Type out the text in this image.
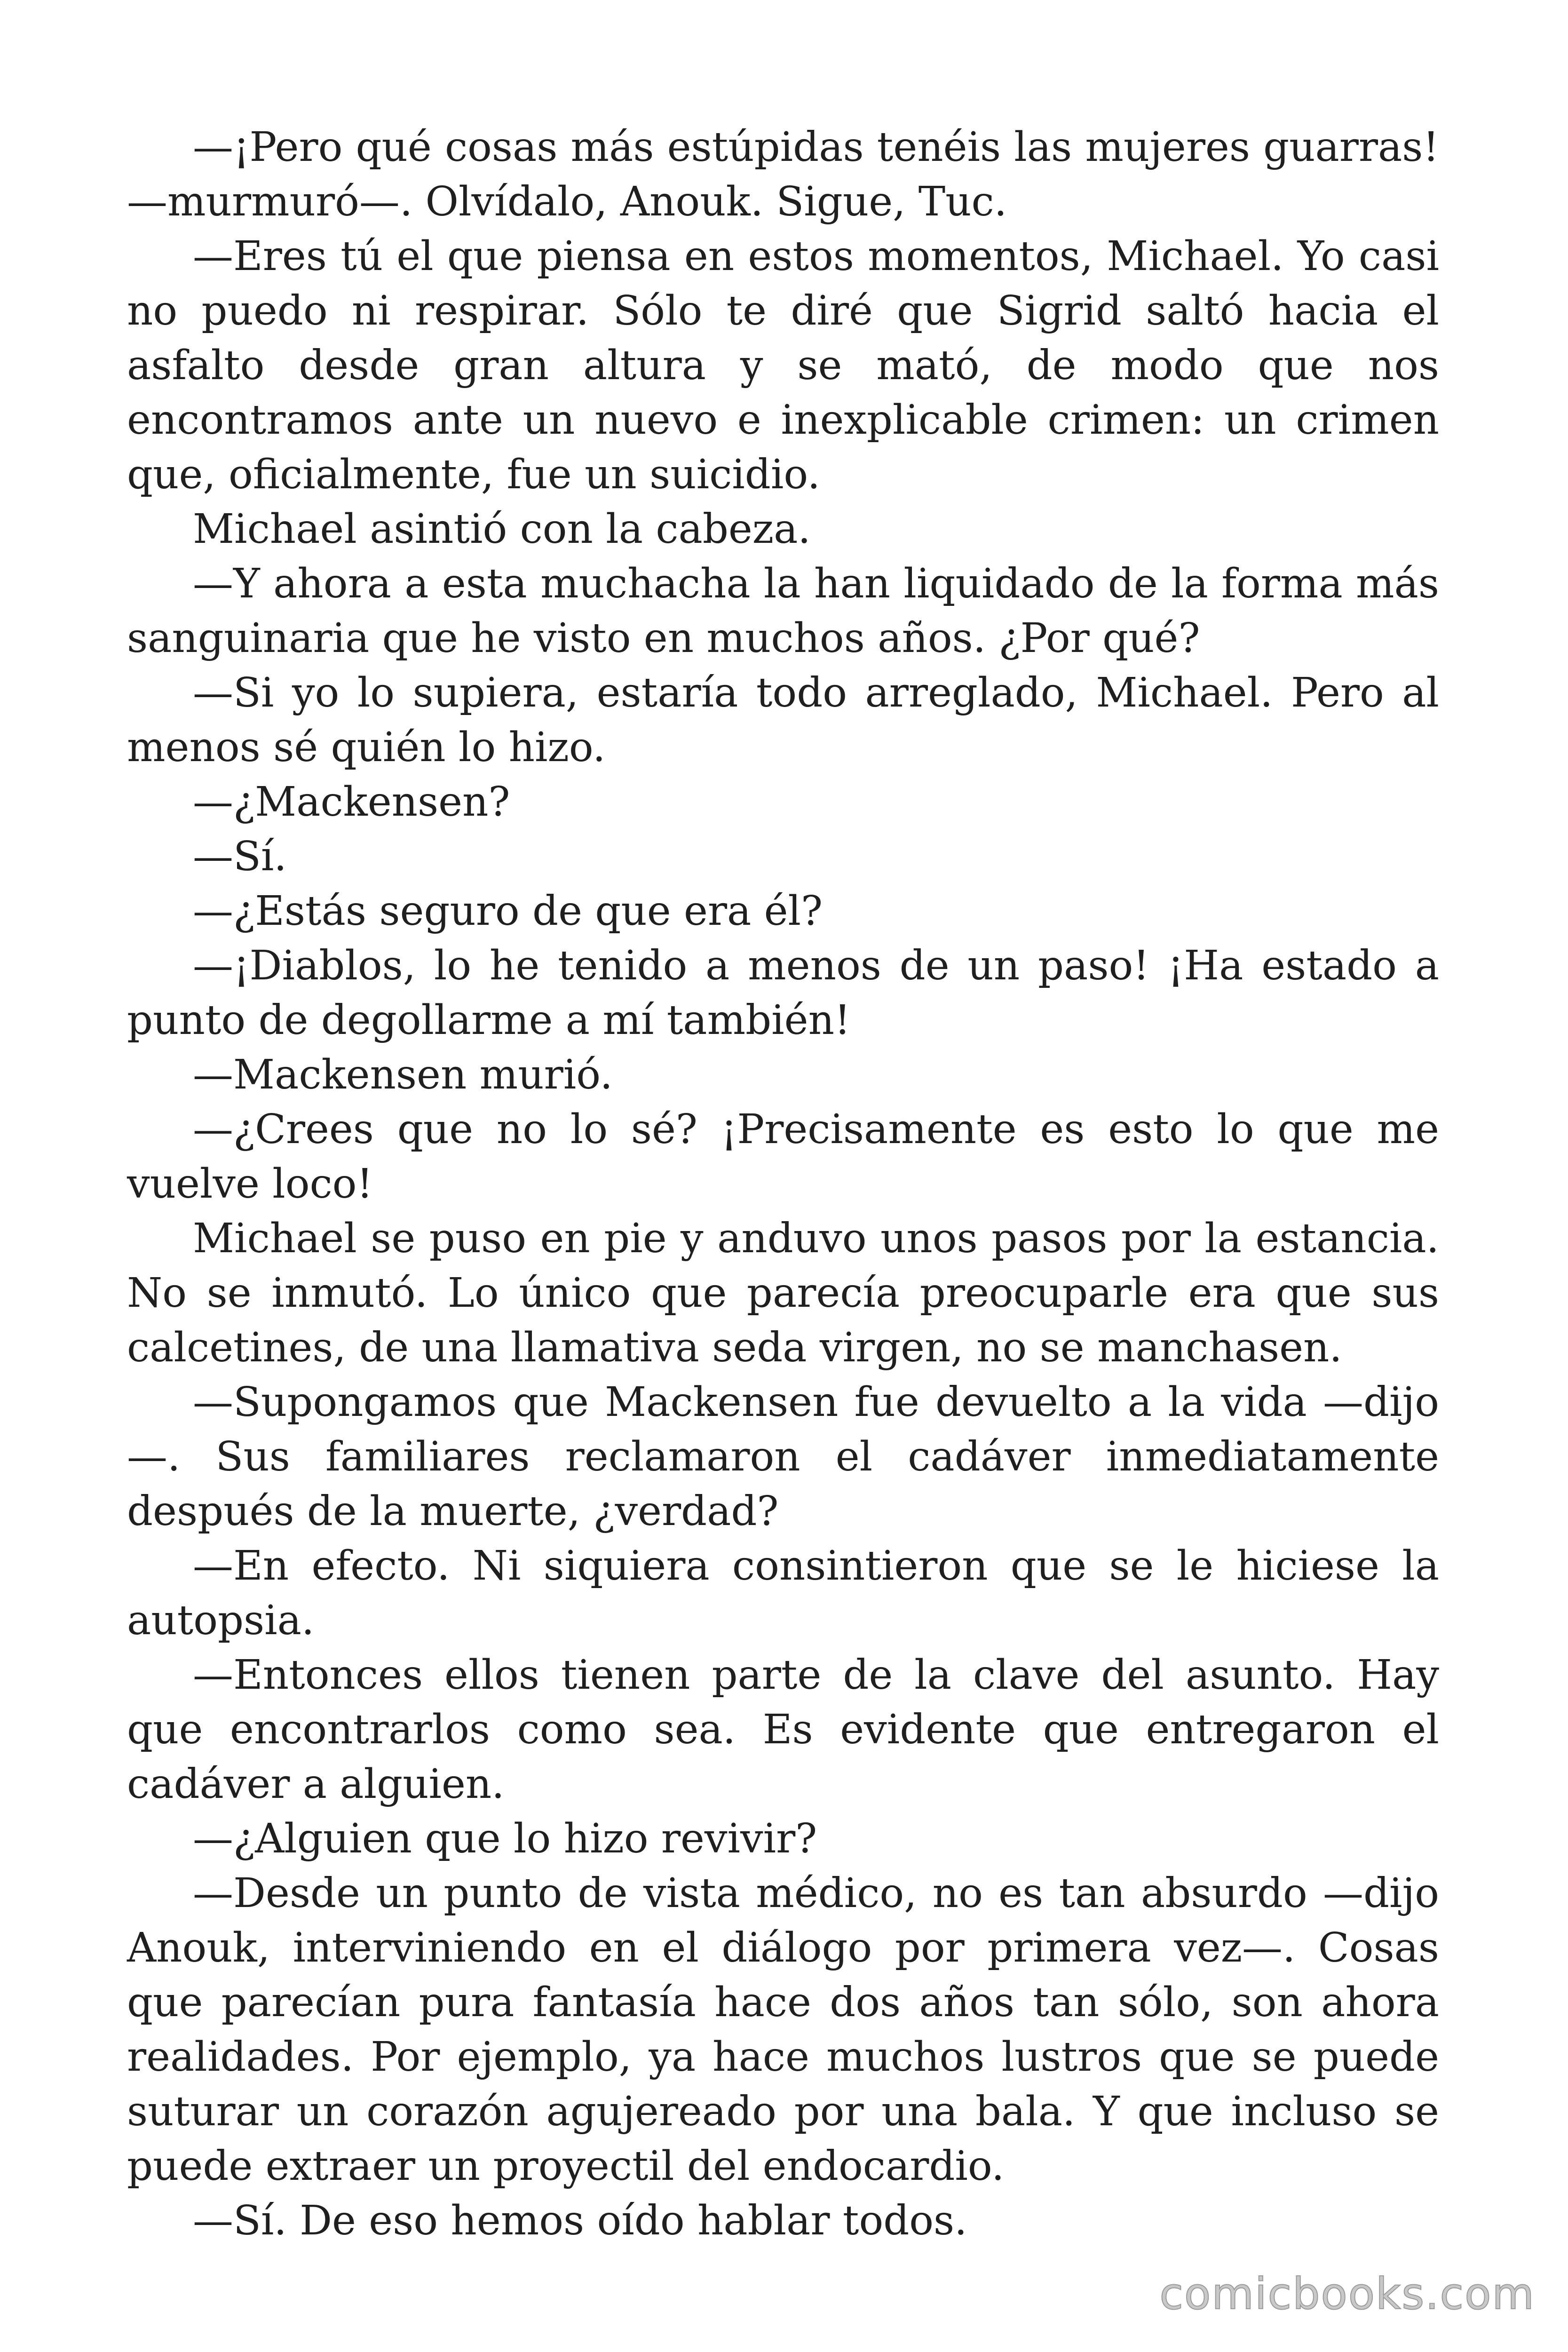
—¡Pero qué cosas más estúpidas tenéis las mujeres guarras! —murmuró—. Olvídalo, Anouk. Sigue, Tuc.

—Eres tú el que piensa en estos momentos, Michael. Yo casi no puedo ni respirar. Sólo te diré que Sigrid saltó hacia el asfalto desde gran altura y se mató, de modo que nos encontramos ante un nuevo e inexplicable crimen: un crimen que, oficialmente, fue un suicidio.

Michael asintió con la cabeza.

—Y ahora a esta muchacha la han liquidado de la forma más sanguinaria que he visto en muchos años. ¿Por qué?

—Si yo lo supiera, estaría todo arreglado, Michael. Pero al menos sé quién lo hizo.

—¿Mackensen?

—Sí.

—¿Estás seguro de que era él?

—¡Diablos, lo he tenido a menos de un paso! ¡Ha estado a punto de degollarme a mí también!

—Mackensen murió.

—¿Crees que no lo sé? ¡Precisamente es esto lo que me vuelve loco!

Michael se puso en pie y anduvo unos pasos por la estancia. No se inmutó. Lo único que parecía preocuparle era que sus calcetines, de una llamativa seda virgen, no se manchasen.

—Supongamos que Mackensen fue devuelto a la vida —dijo—. Sus familiares reclamaron el cadáver inmediatamente después de la muerte, ¿verdad?

—En efecto. Ni siquiera consintieron que se le hiciese la autopsia.

—Entonces ellos tienen parte de la clave del asunto. Hay que encontrarlos como sea. Es evidente que entregaron el cadáver a alguien.

—¿Alguien que lo hizo revivir?

—Desde un punto de vista médico, no es tan absurdo —dijo Anouk, interviniendo en el diálogo por primera vez—. Cosas que parecían pura fantasía hace dos años tan sólo, son ahora realidades. Por ejemplo, ya hace muchos lustros que se puede suturar un corazón agujereado por una bala. Y que incluso se puede extraer un proyectil del endocardio.

—Sí. De eso hemos oído hablar todos.

comicbooks.com
